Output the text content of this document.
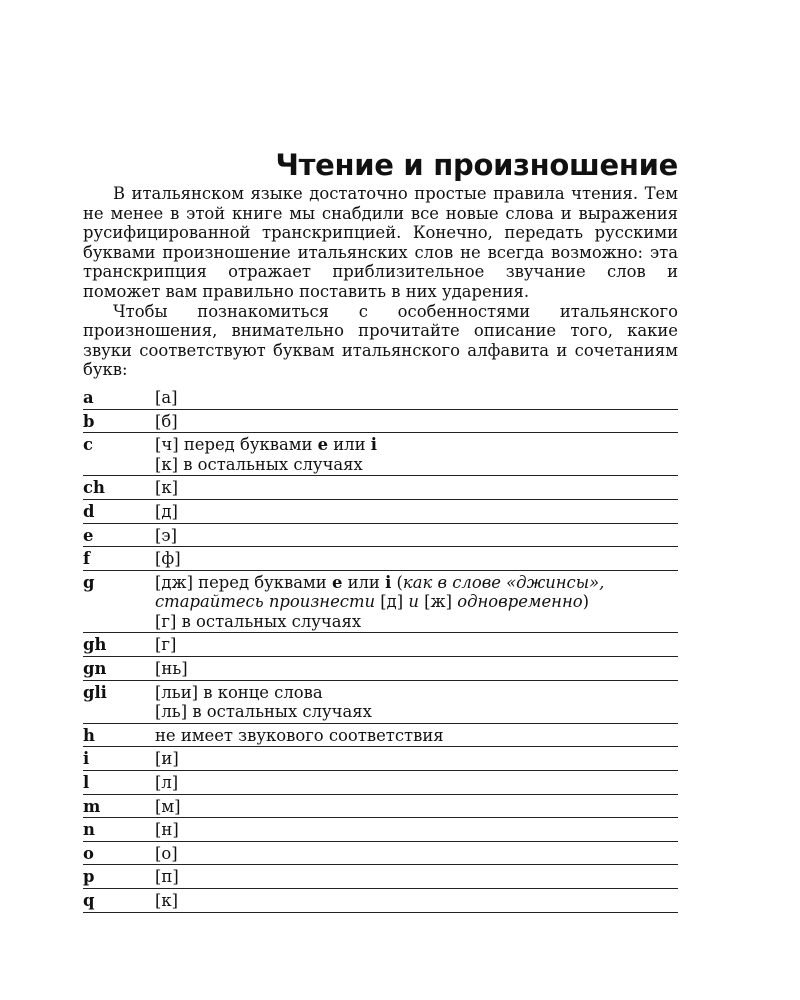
Чтение и произношение

В итальянском языке достаточно простые правила чтения. Тем не менее в этой книге мы снабдили все новые слова и выражения русифицированной транскрипцией. Конечно, передать русскими буквами произношение итальянских слов не всегда возможно: эта транскрипция отражает приблизительное звучание слов и поможет вам правильно поставить в них ударения.

Чтобы познакомиться с особенностями итальянского произношения, внимательно прочитайте описание того, какие звуки соответствуют буквам итальянского алфавита и сочетаниям букв:

a	[а]

b	[б]

c	[ч] перед буквами e или i
[к] в остальных случаях

ch	[к]

d	[д]

e	[э]

f	[ф]

g	[дж] перед буквами e или i (как в слове «джинсы»,
старайтесь произнести [д] и [ж] одновременно)
[г] в остальных случаях

gh	[г]

gn	[нь]

gli	[льи] в конце слова
[ль] в остальных случаях

h	не имеет звукового соответствия

i	[и]

l	[л]

m	[м]

n	[н]

o	[о]

p	[п]

q	[к]
